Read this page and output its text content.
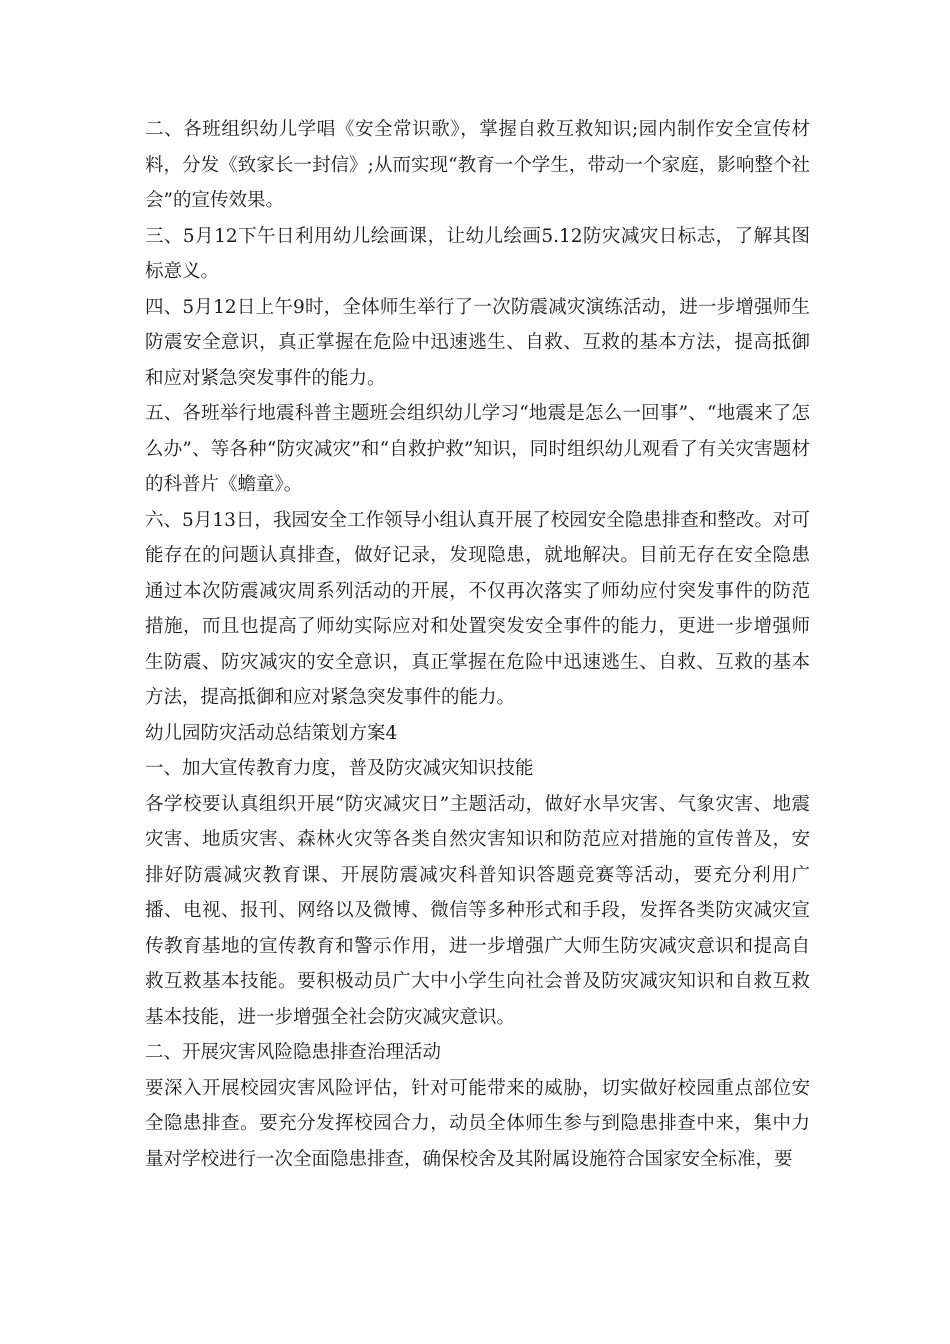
二、各班组织幼儿学唱《安全常识歌》，掌握自救互救知识;园内制作安全宣传材料，分发《致家长一封信》;从而实现“教育一个学生，带动一个家庭，影响整个社会”的宣传效果。

三、5月12下午日利用幼儿绘画课，让幼儿绘画5.12防灾减灾日标志，了解其图标意义。

四、5月12日上午9时，全体师生举行了一次防震减灾演练活动，进一步增强师生防震安全意识，真正掌握在危险中迅速逃生、自救、互救的基本方法，提高抵御和应对紧急突发事件的能力。

五、各班举行地震科普主题班会组织幼儿学习“地震是怎么一回事”、“地震来了怎么办”、等各种“防灾减灾”和“自救护救”知识，同时组织幼儿观看了有关灾害题材的科普片《蟾童》。

六、5月13日，我园安全工作领导小组认真开展了校园安全隐患排查和整改。对可能存在的问题认真排查，做好记录，发现隐患，就地解决。目前无存在安全隐患通过本次防震减灾周系列活动的开展，不仅再次落实了师幼应付突发事件的防范措施，而且也提高了师幼实际应对和处置突发安全事件的能力，更进一步增强师生防震、防灾减灾的安全意识，真正掌握在危险中迅速逃生、自救、互救的基本方法，提高抵御和应对紧急突发事件的能力。

幼儿园防灾活动总结策划方案4

一、加大宣传教育力度，普及防灾减灾知识技能

各学校要认真组织开展“防灾减灾日”主题活动，做好水旱灾害、气象灾害、地震灾害、地质灾害、森林火灾等各类自然灾害知识和防范应对措施的宣传普及，安排好防震减灾教育课、开展防震减灾科普知识答题竞赛等活动，要充分利用广播、电视、报刊、网络以及微博、微信等多种形式和手段，发挥各类防灾减灾宣传教育基地的宣传教育和警示作用，进一步增强广大师生防灾减灾意识和提高自救互救基本技能。要积极动员广大中小学生向社会普及防灾减灾知识和自救互救基本技能，进一步增强全社会防灾减灾意识。

二、开展灾害风险隐患排查治理活动

要深入开展校园灾害风险评估，针对可能带来的威胁，切实做好校园重点部位安全隐患排查。要充分发挥校园合力，动员全体师生参与到隐患排查中来，集中力量对学校进行一次全面隐患排查，确保校舍及其附属设施符合国家安全标准，要
